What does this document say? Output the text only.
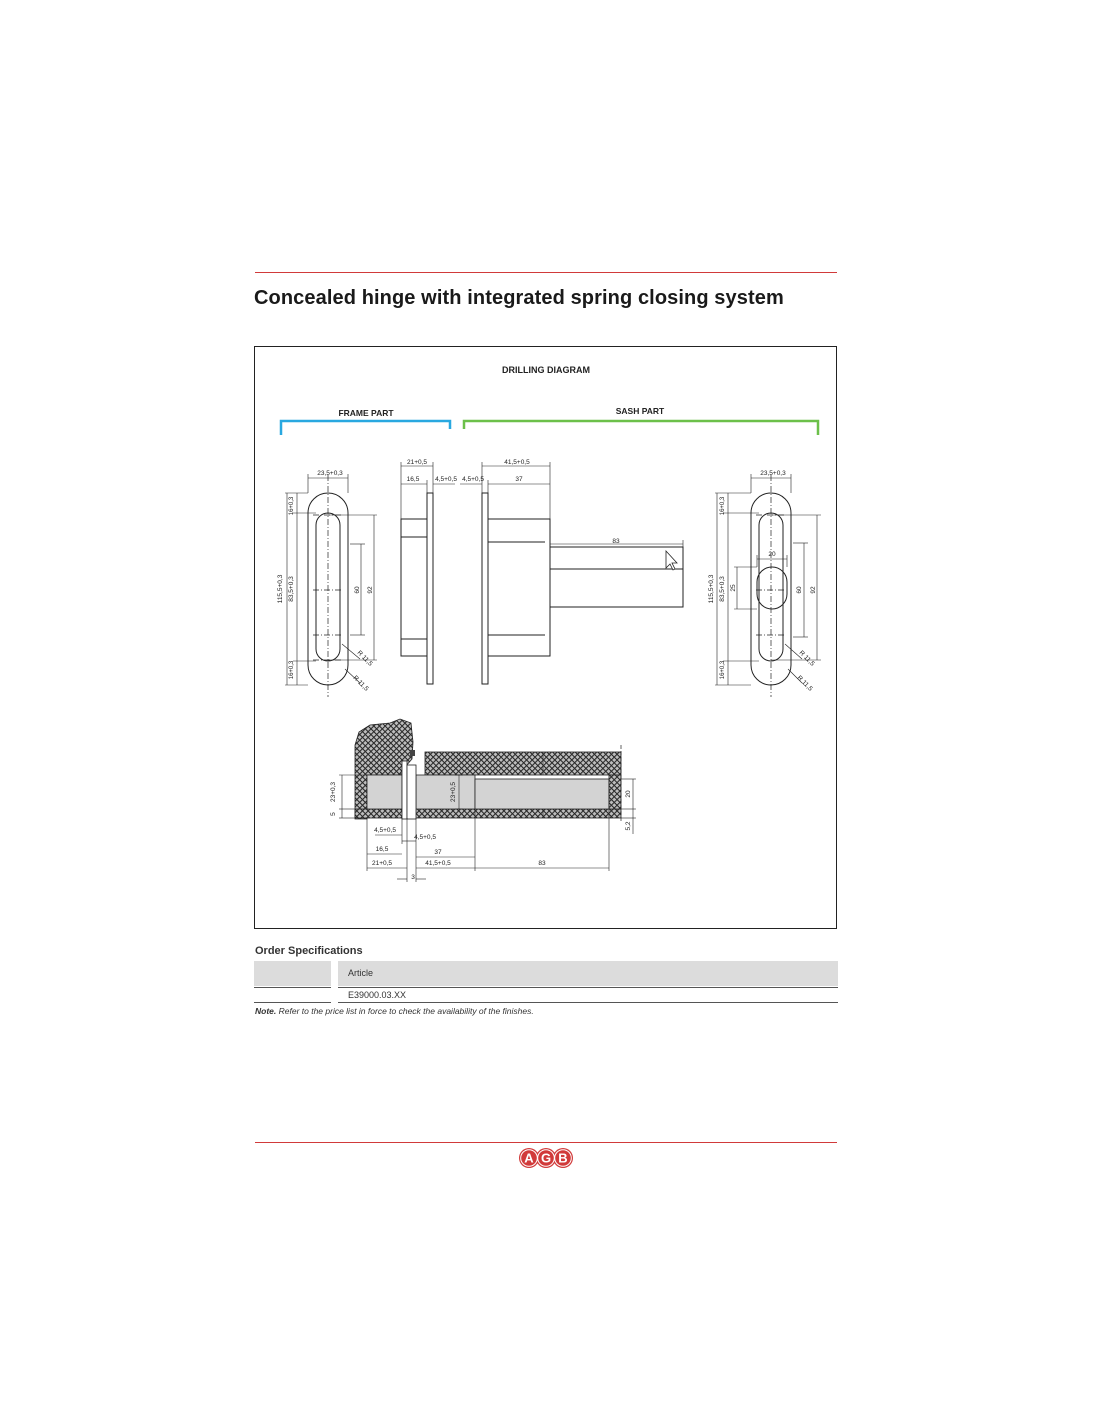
Concealed hinge with integrated spring closing system
DRILLING DIAGRAM
FRAME PART	SASH PART
23,5+0,3
115,5+0,3 83,5+0,3
16+0,3
16+0,3
60 92
R 11,5
R 11,5
21+0,5
16,5 4,5+0,5
41,5+0,5
4,5+0,5	37
83
23,5+0,3
115,5+0,3 83,5+0,3
16+0,3
16+0,3
25
20
60 92
R 11,5
R 11,5
23+0,3
5
23+0,5	20
5,2
4,5+0,5
4,5+0,5
16,5	37
21+0,5	41,5+0,5	83
3
Order Specifications
Article
E39000.03.XX
Note. Refer to the price list in force to check the availability of the finishes.
A G B
